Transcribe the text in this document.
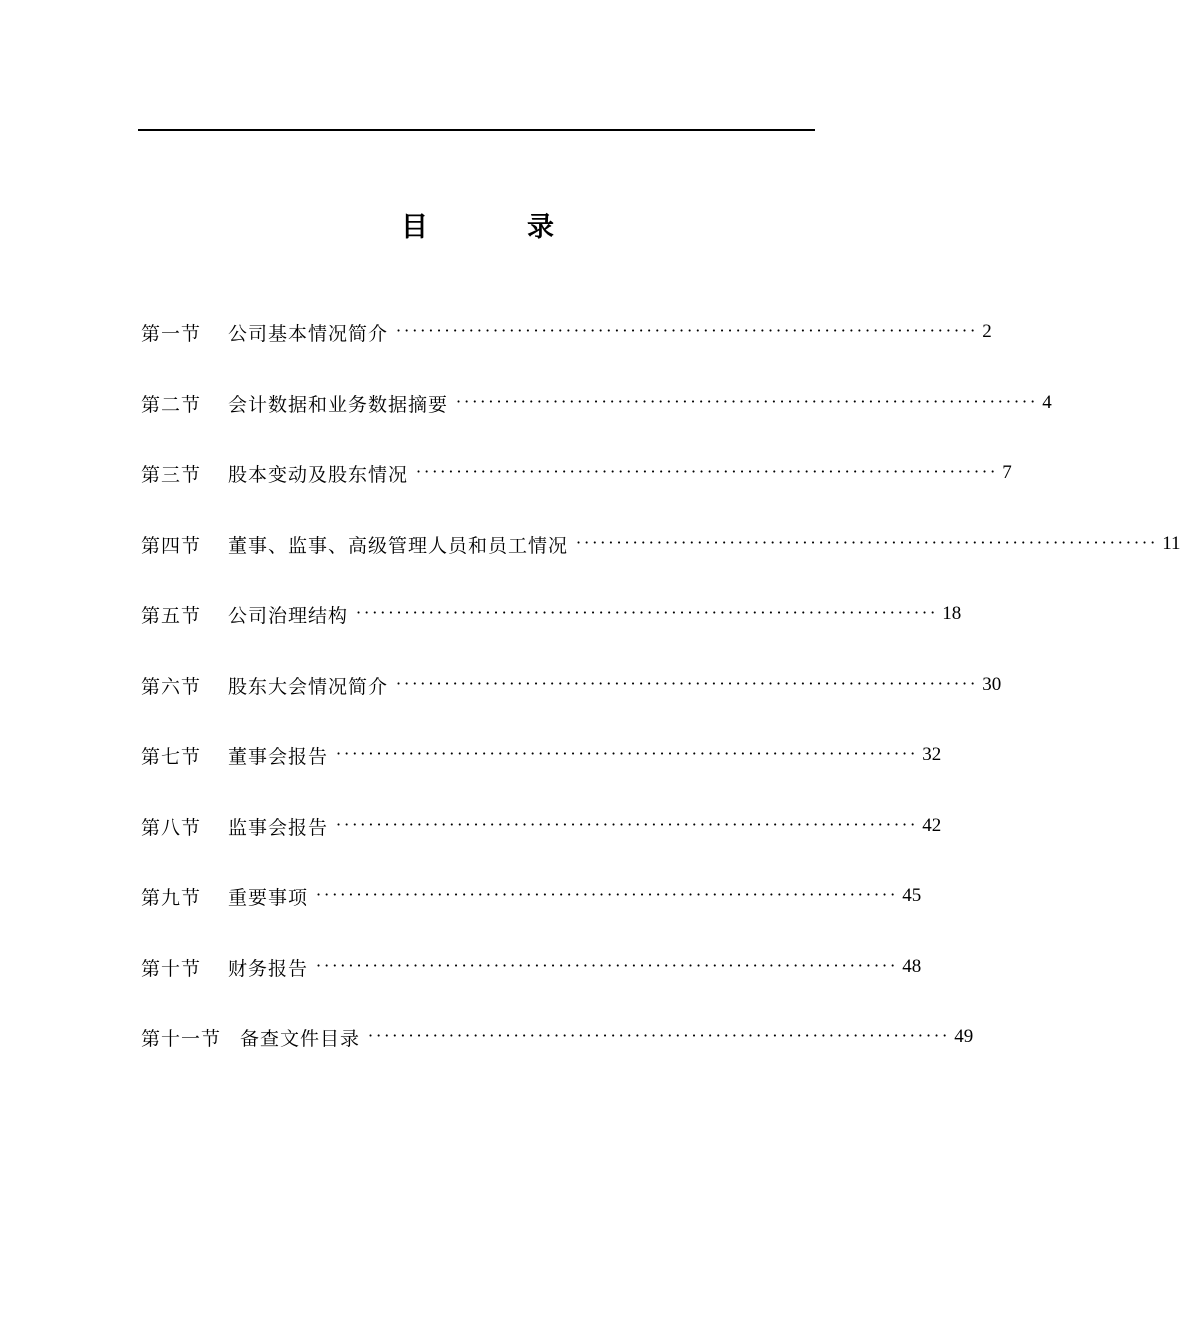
目	录
第一节	公司基本情况简介 ········································································ 2
第二节	会计数据和业务数据摘要 ········································································ 4
第三节	股本变动及股东情况 ········································································ 7
第四节	董事、监事、高级管理人员和员工情况 ········································································ 11
第五节	公司治理结构 ········································································ 18
第六节	股东大会情况简介 ········································································ 30
第七节	董事会报告 ········································································ 32
第八节	监事会报告 ········································································ 42
第九节	重要事项 ········································································ 45
第十节	财务报告 ········································································ 48
第十一节 备查文件目录 ········································································ 49
